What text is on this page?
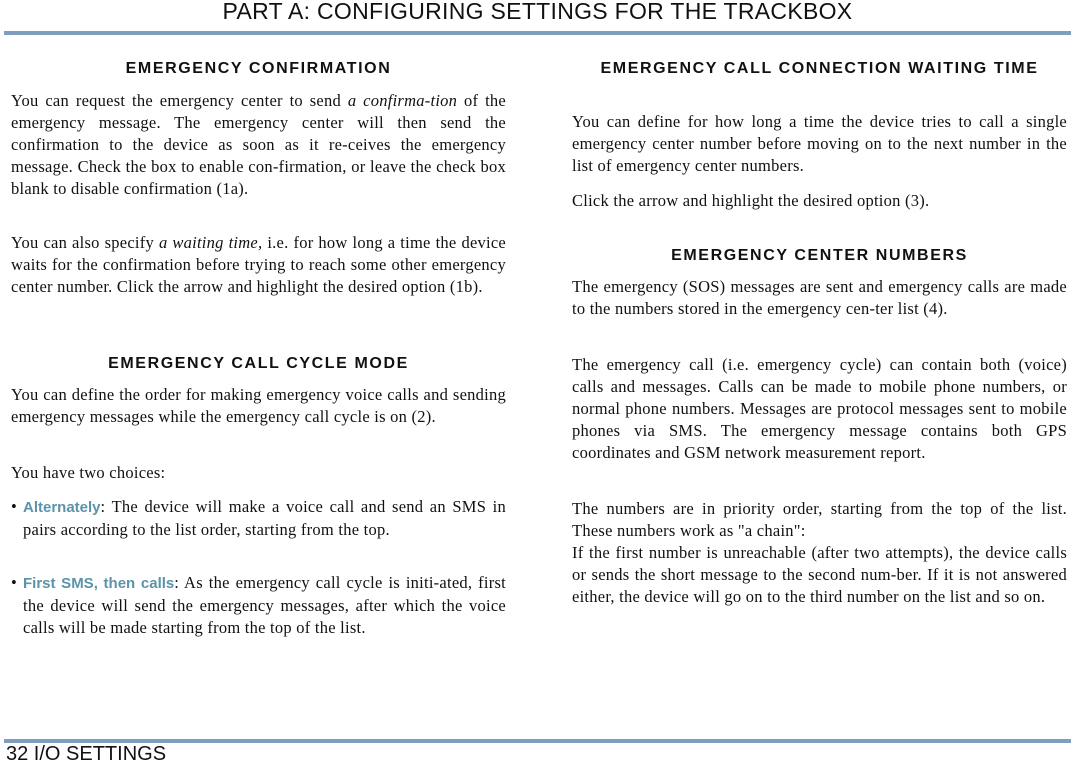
PART A: CONFIGURING SETTINGS FOR THE TRACKBOX
EMERGENCY CONFIRMATION

You can request the emergency center to send a confirma-tion of the emergency message. The emergency center will then send the confirmation to the device as soon as it re-ceives the emergency message. Check the box to enable con-firmation, or leave the check box blank to disable confirmation (1a).

You can also specify a waiting time, i.e. for how long a time the device waits for the confirmation before trying to reach some other emergency center number. Click the arrow and highlight the desired option (1b).

EMERGENCY CALL CYCLE MODE

You can define the order for making emergency voice calls and sending emergency messages while the emergency call cycle is on (2).

You have two choices:

• Alternately: The device will make a voice call and send an SMS in pairs according to the list order, starting from the top.

• First SMS, then calls: As the emergency call cycle is initi-ated, first the device will send the emergency messages, after which the voice calls will be made starting from the top of the list.

EMERGENCY CALL CONNECTION WAITING TIME

You can define for how long a time the device tries to call a single emergency center number before moving on to the next number in the list of emergency center numbers.

Click the arrow and highlight the desired option (3).

EMERGENCY CENTER NUMBERS

The emergency (SOS) messages are sent and emergency calls are made to the numbers stored in the emergency cen-ter list (4).

The emergency call (i.e. emergency cycle) can contain both (voice) calls and messages. Calls can be made to mobile phone numbers, or normal phone numbers. Messages are protocol messages sent to mobile phones via SMS. The emergency message contains both GPS coordinates and GSM network measurement report.

The numbers are in priority order, starting from the top of the list. These numbers work as "a chain":
If the first number is unreachable (after two attempts), the device calls or sends the short message to the second num-ber. If it is not answered either, the device will go on to the third number on the list and so on.

32 I/O SETTINGS
